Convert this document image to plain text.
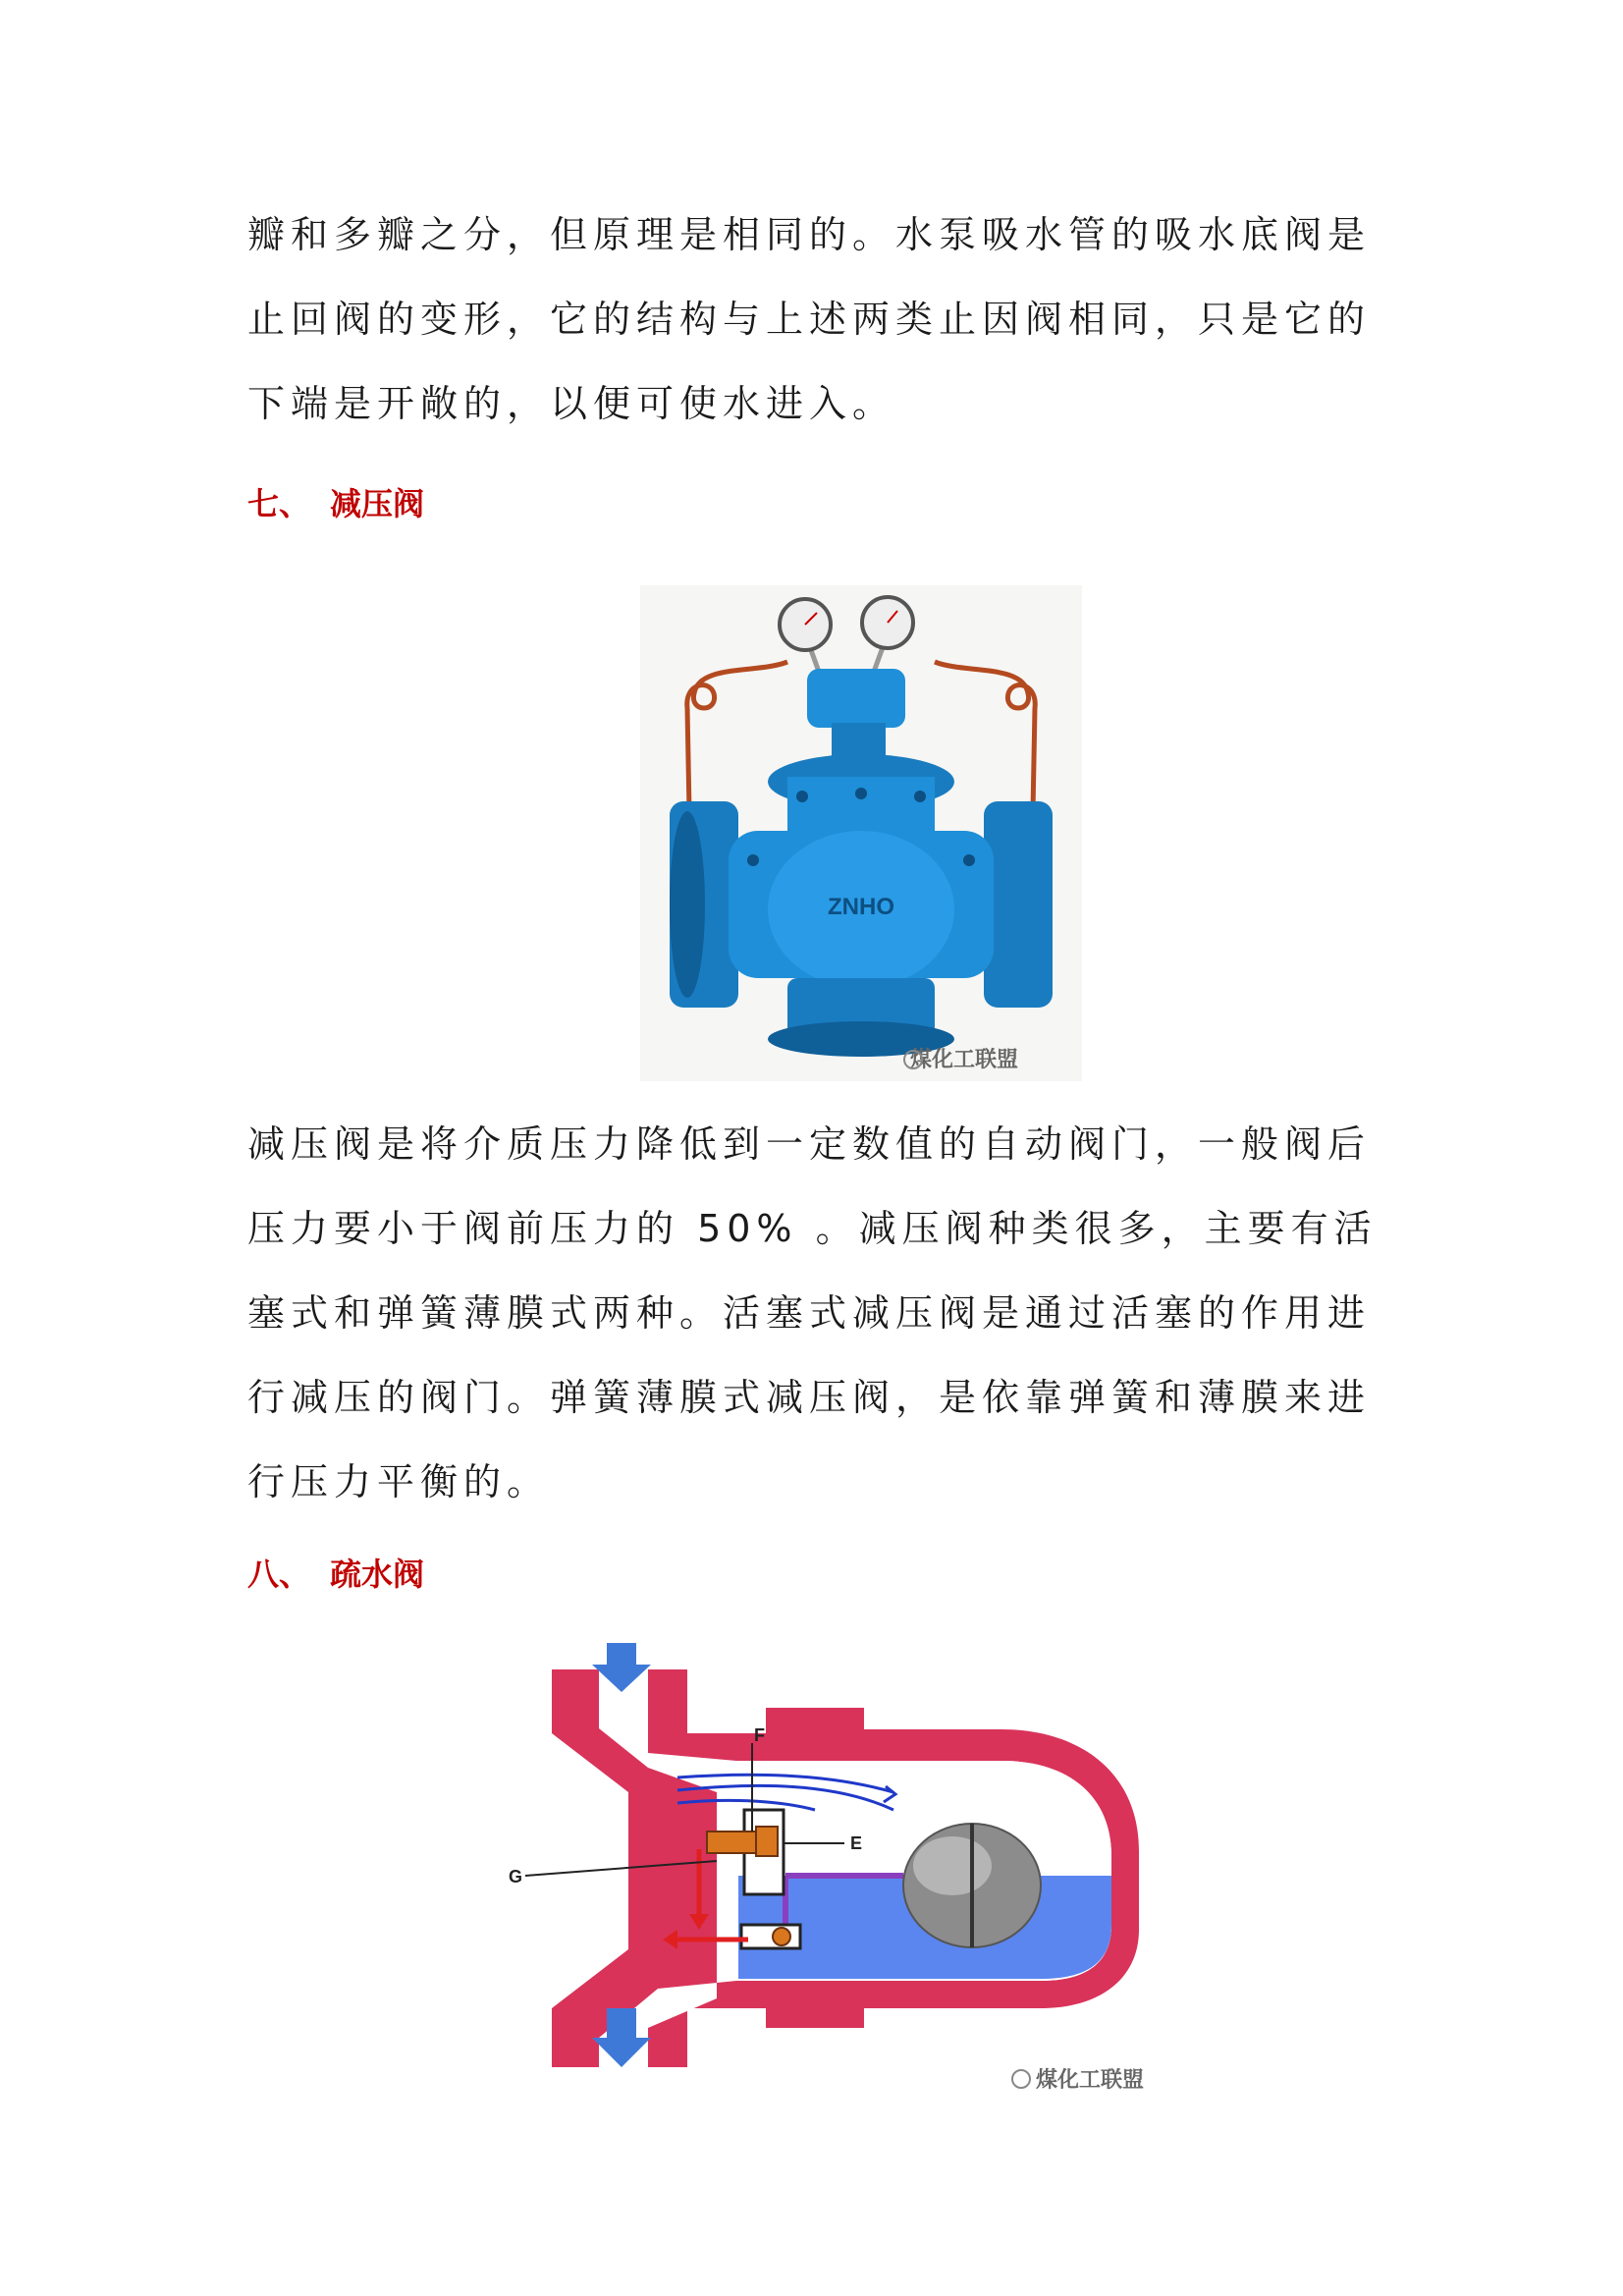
瓣和多瓣之分，但原理是相同的。水泵吸水管的吸水底阀是止回阀的变形，它的结构与上述两类止因阀相同，只是它的下端是开敞的，以便可使水进入。
七、 减压阀
ZNHO
煤化工联盟
减压阀是将介质压力降低到一定数值的自动阀门，一般阀后压力要小于阀前压力的 50% 。减压阀种类很多，主要有活塞式和弹簧薄膜式两种。活塞式减压阀是通过活塞的作用进行减压的阀门。弹簧薄膜式减压阀，是依靠弹簧和薄膜来进行压力平衡的。
八、 疏水阀
F
E
G
煤化工联盟
